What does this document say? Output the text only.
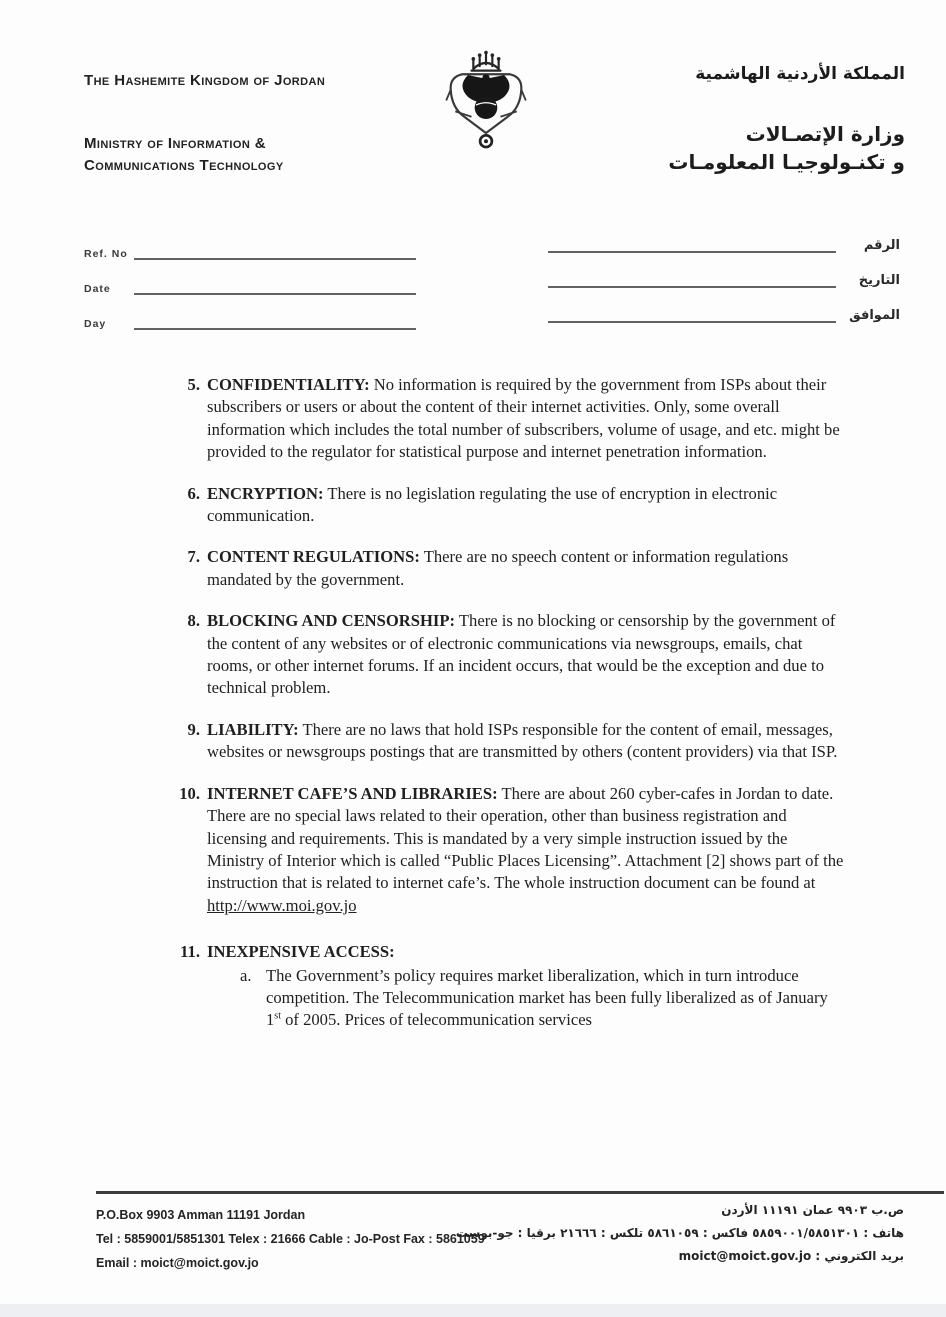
The Hashemite Kingdom of Jordan
Ministry of Information &
Communications Technology
المملكة الأردنية الهاشمية
وزارة الإتصـالات
و تكنـولوجيـا المعلومـات
Ref. No
Date
Day
الرقم
التاريخ
الموافق
5. CONFIDENTIALITY: No information is required by the government from ISPs about their subscribers or users or about the content of their internet activities. Only, some overall information which includes the total number of subscribers, volume of usage, and etc. might be provided to the regulator for statistical purpose and internet penetration information.

6. ENCRYPTION: There is no legislation regulating the use of encryption in electronic communication.

7. CONTENT REGULATIONS: There are no speech content or information regulations mandated by the government.

8. BLOCKING AND CENSORSHIP: There is no blocking or censorship by the government of the content of any websites or of electronic communications via newsgroups, emails, chat rooms, or other internet forums. If an incident occurs, that would be the exception and due to technical problem.

9. LIABILITY: There are no laws that hold ISPs responsible for the content of email, messages, websites or newsgroups postings that are transmitted by others (content providers) via that ISP.

10. INTERNET CAFE’S AND LIBRARIES: There are about 260 cyber-cafes in Jordan to date. There are no special laws related to their operation, other than business registration and licensing and requirements. This is mandated by a very simple instruction issued by the Ministry of Interior which is called “Public Places Licensing”. Attachment [2] shows part of the instruction that is related to internet cafe’s. The whole instruction document can be found at http://www.moi.gov.jo

11. INEXPENSIVE ACCESS:

a. The Government’s policy requires market liberalization, which in turn introduce competition. The Telecommunication market has been fully liberalized as of January 1st of 2005. Prices of telecommunication services

P.O.Box 9903 Amman 11191 Jordan
Tel : 5859001/5851301 Telex : 21666 Cable : Jo-Post Fax : 5861059
Email : moict@moict.gov.jo
ص.ب ٩٩٠٣ عمان ١١١٩١ الأردن
هاتف : ٥٨٥٩٠٠١/٥٨٥١٣٠١ فاكس : ٥٨٦١٠٥٩ تلكس : ٢١٦٦٦ برقيا : جو-بوست
بريد الكتروني : moict@moict.gov.jo
